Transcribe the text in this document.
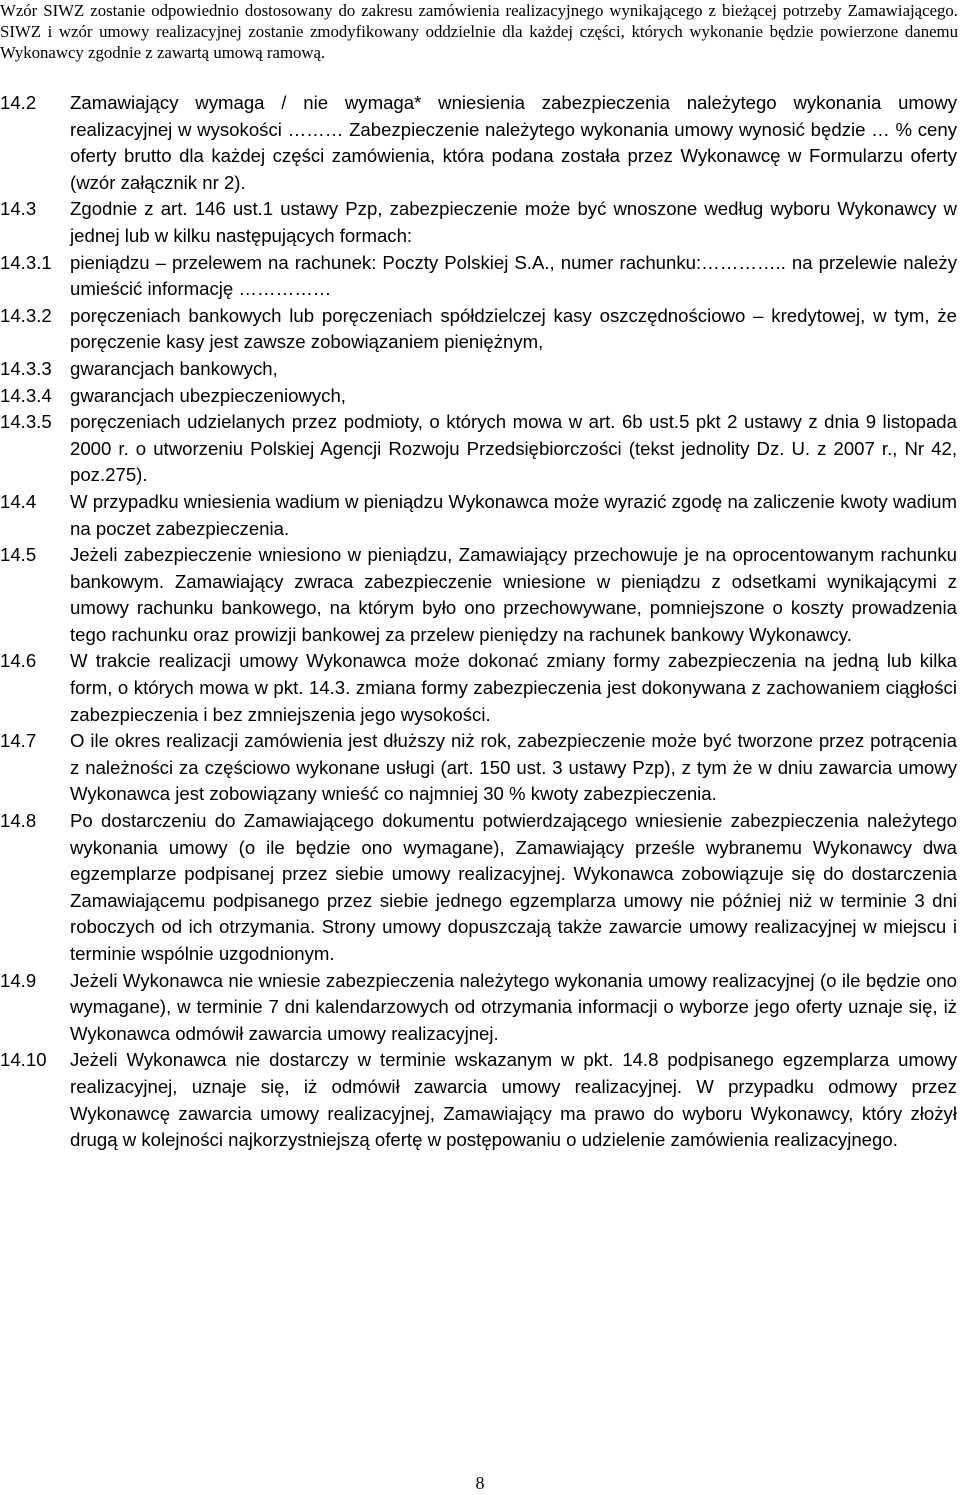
Wzór SIWZ zostanie odpowiednio dostosowany do zakresu zamówienia realizacyjnego wynikającego z bieżącej potrzeby Zamawiającego. SIWZ i wzór umowy realizacyjnej zostanie zmodyfikowany oddzielnie dla każdej części, których wykonanie będzie powierzone danemu Wykonawcy zgodnie z zawartą umową ramową.
14.2	Zamawiający wymaga / nie wymaga* wniesienia zabezpieczenia należytego wykonania umowy realizacyjnej w wysokości ……… Zabezpieczenie należytego wykonania umowy wynosić będzie … % ceny oferty brutto dla każdej części zamówienia, która podana została przez Wykonawcę w Formularzu oferty (wzór załącznik nr 2).
14.3	Zgodnie z art. 146 ust.1 ustawy Pzp, zabezpieczenie może być wnoszone według wyboru Wykonawcy w jednej lub w kilku następujących formach:
14.3.1 pieniądzu – przelewem na rachunek: Poczty Polskiej S.A., numer rachunku:………….. na przelewie należy umieścić informację ……………
14.3.2 poręczeniach bankowych lub poręczeniach spółdzielczej kasy oszczędnościowo – kredytowej, w tym, że poręczenie kasy jest zawsze zobowiązaniem pieniężnym,
14.3.3 gwarancjach bankowych,
14.3.4 gwarancjach ubezpieczeniowych,
14.3.5 poręczeniach udzielanych przez podmioty, o których mowa w art. 6b ust.5 pkt 2 ustawy z dnia 9 listopada 2000 r. o utworzeniu Polskiej Agencji Rozwoju Przedsiębiorczości (tekst jednolity Dz. U. z 2007 r., Nr 42, poz.275).
14.4	W przypadku wniesienia wadium w pieniądzu Wykonawca może wyrazić zgodę na zaliczenie kwoty wadium na poczet zabezpieczenia.
14.5	Jeżeli zabezpieczenie wniesiono w pieniądzu, Zamawiający przechowuje je na oprocentowanym rachunku bankowym. Zamawiający zwraca zabezpieczenie wniesione w pieniądzu z odsetkami wynikającymi z umowy rachunku bankowego, na którym było ono przechowywane, pomniejszone o koszty prowadzenia tego rachunku oraz prowizji bankowej za przelew pieniędzy na rachunek bankowy Wykonawcy.
14.6	W trakcie realizacji umowy Wykonawca może dokonać zmiany formy zabezpieczenia na jedną lub kilka form, o których mowa w pkt. 14.3. zmiana formy zabezpieczenia jest dokonywana z zachowaniem ciągłości zabezpieczenia i bez zmniejszenia jego wysokości.
14.7	O ile okres realizacji zamówienia jest dłuższy niż rok, zabezpieczenie może być tworzone przez potrącenia z należności za częściowo wykonane usługi (art. 150 ust. 3 ustawy Pzp), z tym że w dniu zawarcia umowy Wykonawca jest zobowiązany wnieść co najmniej 30 % kwoty zabezpieczenia.
14.8	Po dostarczeniu do Zamawiającego dokumentu potwierdzającego wniesienie zabezpieczenia należytego wykonania umowy (o ile będzie ono wymagane), Zamawiający prześle wybranemu Wykonawcy dwa egzemplarze podpisanej przez siebie umowy realizacyjnej. Wykonawca zobowiązuje się do dostarczenia Zamawiającemu podpisanego przez siebie jednego egzemplarza umowy nie później niż w terminie 3 dni roboczych od ich otrzymania. Strony umowy dopuszczają także zawarcie umowy realizacyjnej w miejscu i terminie wspólnie uzgodnionym.
14.9	Jeżeli Wykonawca nie wniesie zabezpieczenia należytego wykonania umowy realizacyjnej (o ile będzie ono wymagane), w terminie 7 dni kalendarzowych od otrzymania informacji o wyborze jego oferty uznaje się, iż Wykonawca odmówił zawarcia umowy realizacyjnej.
14.10	Jeżeli Wykonawca nie dostarczy w terminie wskazanym w pkt. 14.8 podpisanego egzemplarza umowy realizacyjnej, uznaje się, iż odmówił zawarcia umowy realizacyjnej. W przypadku odmowy przez Wykonawcę zawarcia umowy realizacyjnej, Zamawiający ma prawo do wyboru Wykonawcy, który złożył drugą w kolejności najkorzystniejszą ofertę w postępowaniu o udzielenie zamówienia realizacyjnego.
8
